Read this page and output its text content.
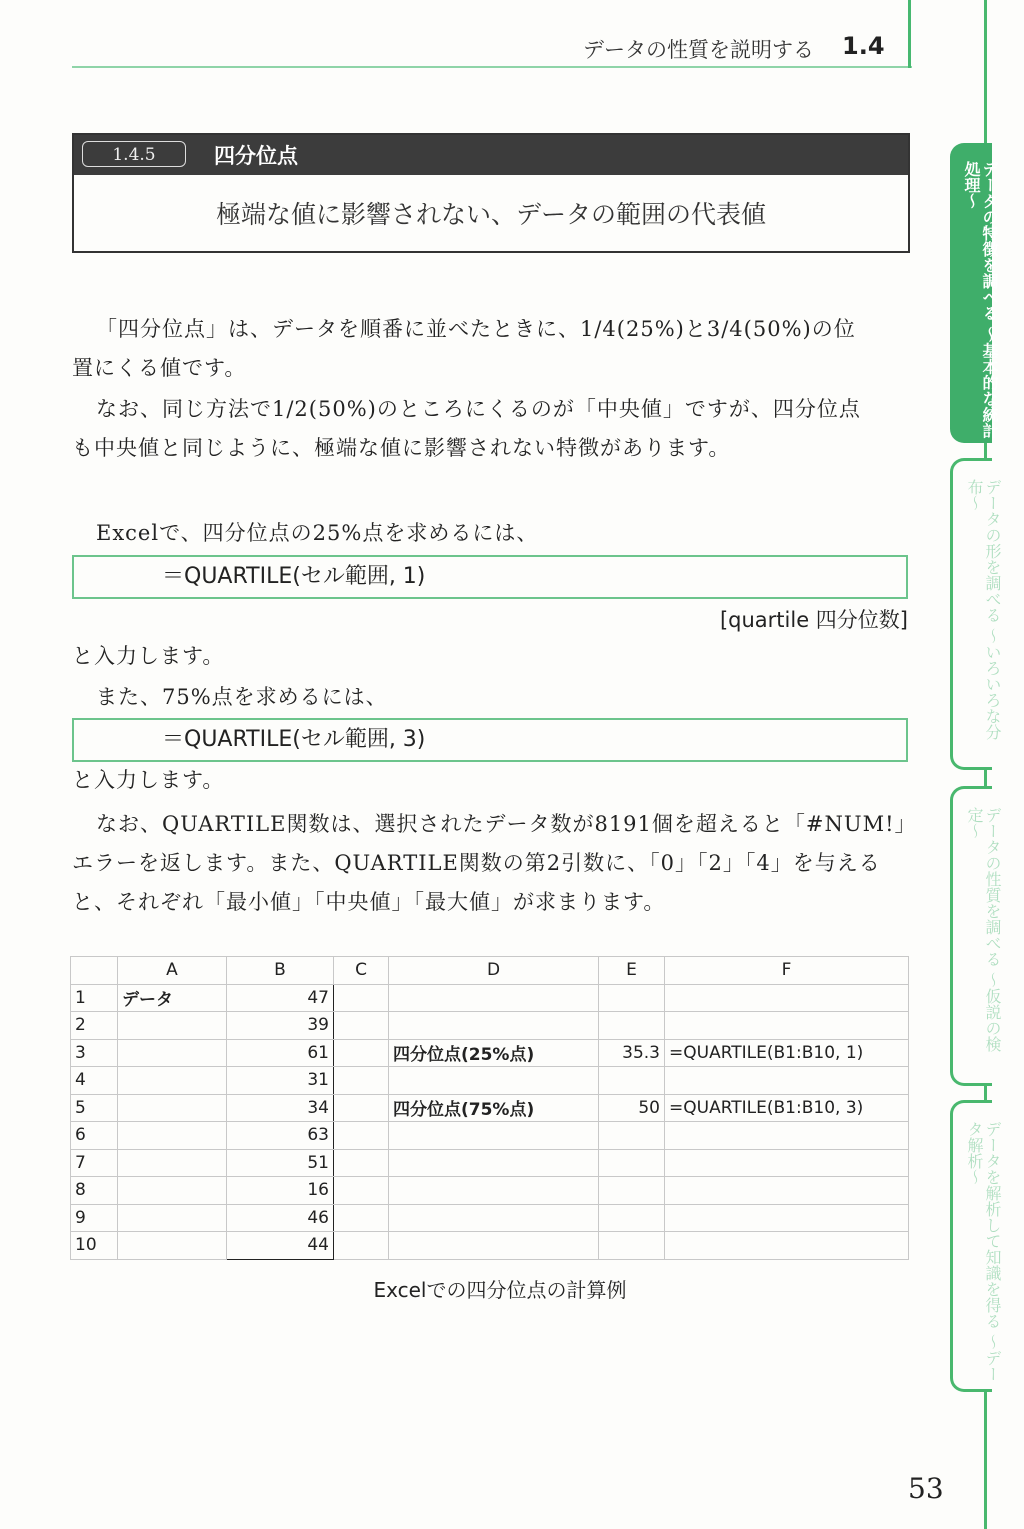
データの性質を説明する 1.4
1.4.5	四分位点
極端な値に影響されない、データの範囲の代表値
「四分位点」は、データを順番に並べたときに、1/4(25%)と3/4(50%)の位
置にくる値です。
なお、同じ方法で1/2(50%)のところにくるのが「中央値」ですが、四分位点
も中央値と同じように、極端な値に影響されない特徴があります。
Excelで、四分位点の25%点を求めるには、
＝QUARTILE(セル範囲, 1)
[quartile 四分位数]
と入力します。
また、75%点を求めるには、
＝QUARTILE(セル範囲, 3)
と入力します。
なお、QUARTILE関数は、選択されたデータ数が8191個を超えると「#NUM!」
エラーを返します。また、QUARTILE関数の第2引数に、「0」「2」「4」を与える
と、それぞれ「最小値」「中央値」「最大値」が求まります。
	A	B	C	D	E	F
1	データ	47				
2		39				
3		61		四分位点(25%点)	35.3	=QUARTILE(B1:B10, 1)
4		31				
5		34		四分位点(75%点)	50	=QUARTILE(B1:B10, 3)
6		63				
7		51				
8		16				
9		46				
10		44				
Excelでの四分位点の計算例
53
データの特徴を調べる 〜基本的な統計処理〜
データの形を調べる 〜いろいろな分布〜
データの性質を調べる 〜仮説の検定〜
データを解析して知識を得る 〜データ解析〜
